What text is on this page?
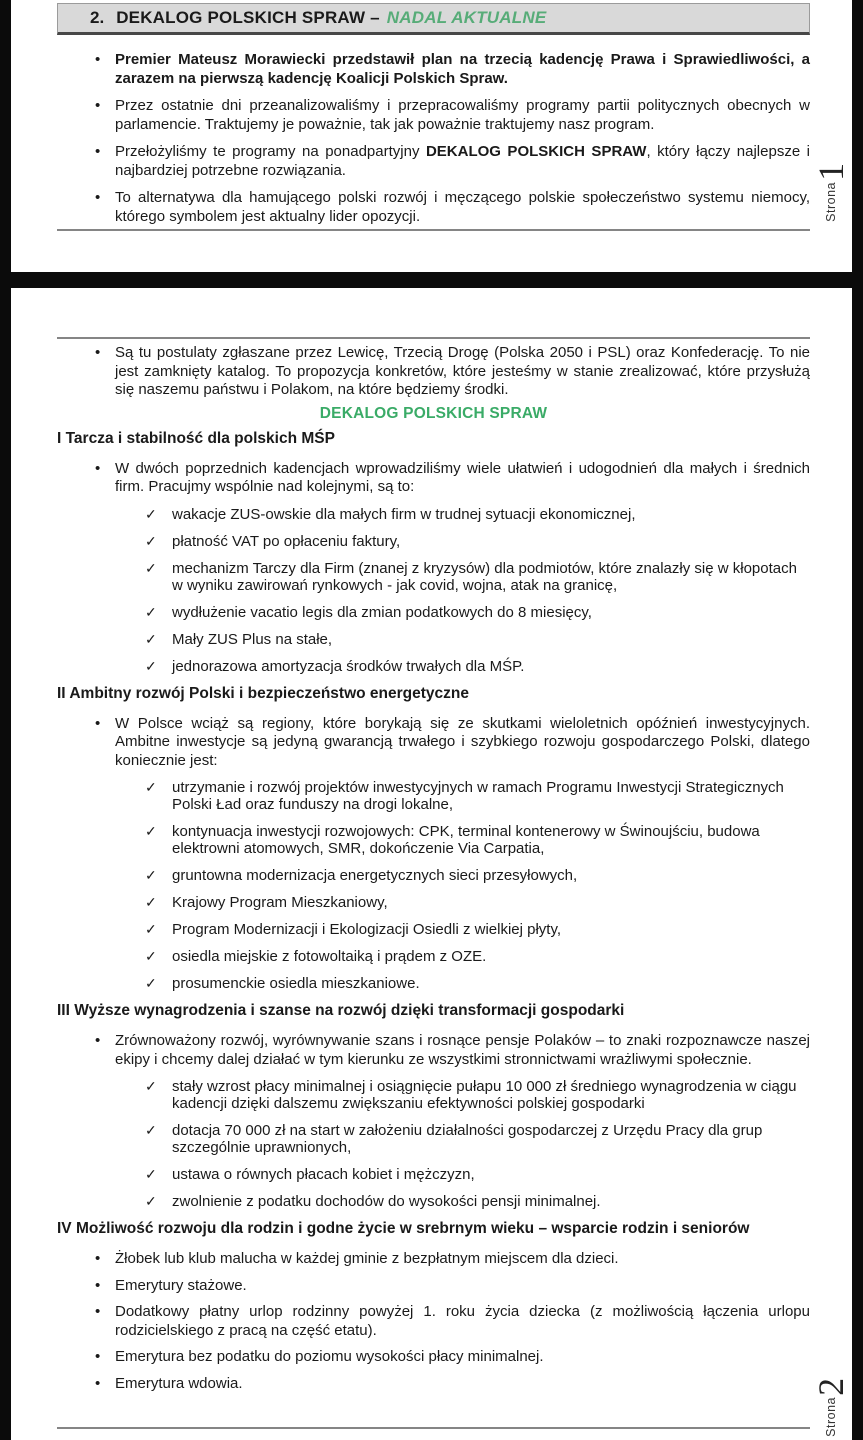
2. DEKALOG POLSKICH SPRAW – NADAL AKTUALNE
• Premier Mateusz Morawiecki przedstawił plan na trzecią kadencję Prawa i Sprawiedliwości, a zarazem na pierwszą kadencję Koalicji Polskich Spraw.
• Przez ostatnie dni przeanalizowaliśmy i przepracowaliśmy programy partii politycznych obecnych w parlamencie. Traktujemy je poważnie, tak jak poważnie traktujemy nasz program.
• Przełożyliśmy te programy na ponadpartyjny DEKALOG POLSKICH SPRAW, który łączy najlepsze i najbardziej potrzebne rozwiązania.
• To alternatywa dla hamującego polski rozwój i męczącego polskie społeczeństwo systemu niemocy, którego symbolem jest aktualny lider opozycji.	Strona1
• Są tu postulaty zgłaszane przez Lewicę, Trzecią Drogę (Polska 2050 i PSL) oraz Konfederację. To nie jest zamknięty katalog. To propozycja konkretów, które jesteśmy w stanie zrealizować, które przysłużą się naszemu państwu i Polakom, na które będziemy środki.
DEKALOG POLSKICH SPRAW
I Tarcza i stabilność dla polskich MŚP
• W dwóch poprzednich kadencjach wprowadziliśmy wiele ułatwień i udogodnień dla małych i średnich firm. Pracujmy wspólnie nad kolejnymi, są to:
✓	wakacje ZUS-owskie dla małych firm w trudnej sytuacji ekonomicznej,
✓	płatność VAT po opłaceniu faktury,
✓	mechanizm Tarczy dla Firm (znanej z kryzysów) dla podmiotów, które znalazły się w kłopotach w wyniku zawirowań rynkowych - jak covid, wojna, atak na granicę,
✓	wydłużenie vacatio legis dla zmian podatkowych do 8 miesięcy,
✓	Mały ZUS Plus na stałe,
✓	jednorazowa amortyzacja środków trwałych dla MŚP.
II Ambitny rozwój Polski i bezpieczeństwo energetyczne
• W Polsce wciąż są regiony, które borykają się ze skutkami wieloletnich opóźnień inwestycyjnych. Ambitne inwestycje są jedyną gwarancją trwałego i szybkiego rozwoju gospodarczego Polski, dlatego koniecznie jest:
✓	utrzymanie i rozwój projektów inwestycyjnych w ramach Programu Inwestycji Strategicznych Polski Ład oraz funduszy na drogi lokalne,
✓	kontynuacja inwestycji rozwojowych: CPK, terminal kontenerowy w Świnoujściu, budowa elektrowni atomowych, SMR, dokończenie Via Carpatia,
✓	gruntowna modernizacja energetycznych sieci przesyłowych,
✓	Krajowy Program Mieszkaniowy,
✓	Program Modernizacji i Ekologizacji Osiedli z wielkiej płyty,
✓	osiedla miejskie z fotowoltaiką i prądem z OZE.
✓	prosumenckie osiedla mieszkaniowe.
III Wyższe wynagrodzenia i szanse na rozwój dzięki transformacji gospodarki
• Zrównoważony rozwój, wyrównywanie szans i rosnące pensje Polaków – to znaki rozpoznawcze naszej ekipy i chcemy dalej działać w tym kierunku ze wszystkimi stronnictwami wrażliwymi społecznie.
✓	stały wzrost płacy minimalnej i osiągnięcie pułapu 10 000 zł średniego wynagrodzenia w ciągu kadencji dzięki dalszemu zwiększaniu efektywności polskiej gospodarki
✓	dotacja 70 000 zł na start w założeniu działalności gospodarczej z Urzędu Pracy dla grup szczególnie uprawnionych,
✓	ustawa o równych płacach kobiet i mężczyzn,
✓	zwolnienie z podatku dochodów do wysokości pensji minimalnej.
IV Możliwość rozwoju dla rodzin i godne życie w srebrnym wieku – wsparcie rodzin i seniorów
• Żłobek lub klub malucha w każdej gminie z bezpłatnym miejscem dla dzieci.
• Emerytury stażowe.
• Dodatkowy płatny urlop rodzinny powyżej 1. roku życia dziecka (z możliwością łączenia urlopu rodzicielskiego z pracą na część etatu).
• Emerytura bez podatku do poziomu wysokości płacy minimalnej.
• Emerytura wdowia.
Strona2
